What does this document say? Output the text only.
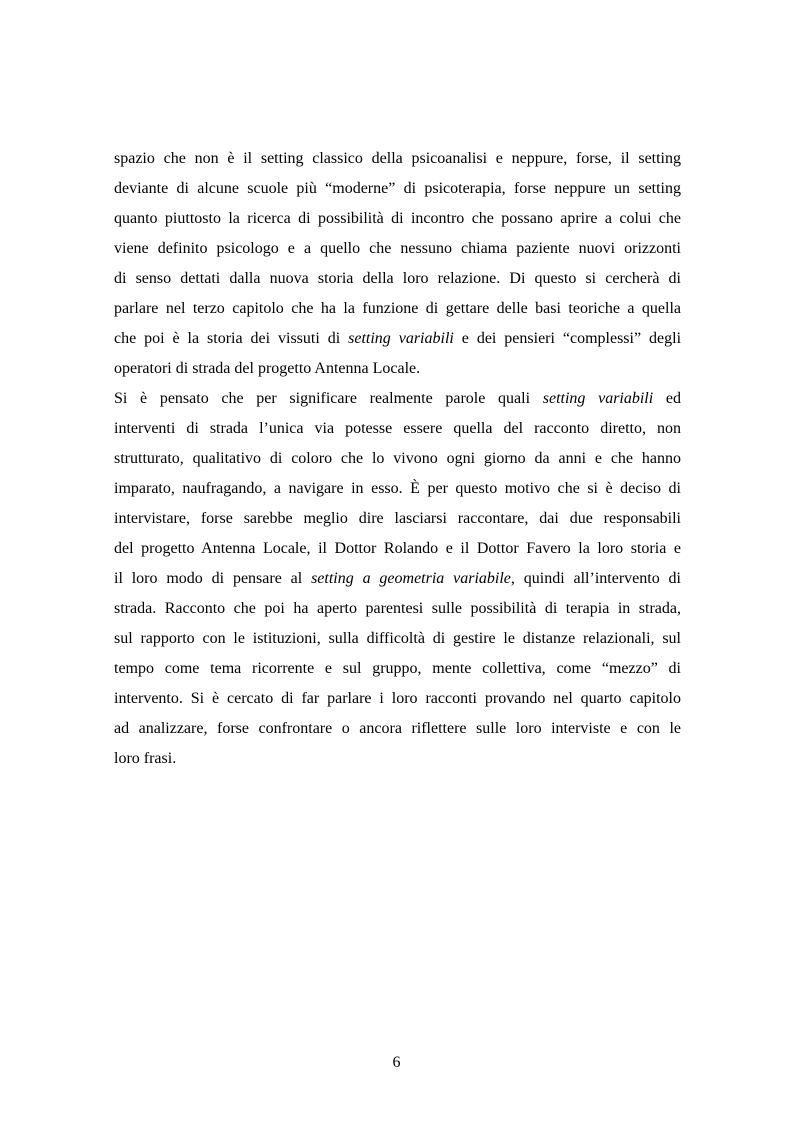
spazio che non è il setting classico della psicoanalisi e neppure, forse, il setting
deviante di alcune scuole più “moderne” di psicoterapia, forse neppure un setting
quanto piuttosto la ricerca di possibilità di incontro che possano aprire a colui che
viene definito psicologo e a quello che nessuno chiama paziente nuovi orizzonti
di senso dettati dalla nuova storia della loro relazione. Di questo si cercherà di
parlare nel terzo capitolo che ha la funzione di gettare delle basi teoriche a quella
che poi è la storia dei vissuti di setting variabili e dei pensieri “complessi” degli
operatori di strada del progetto Antenna Locale.
Si è pensato che per significare realmente parole quali setting variabili ed
interventi di strada l’unica via potesse essere quella del racconto diretto, non
strutturato, qualitativo di coloro che lo vivono ogni giorno da anni e che hanno
imparato, naufragando, a navigare in esso. È per questo motivo che si è deciso di
intervistare, forse sarebbe meglio dire lasciarsi raccontare, dai due responsabili
del progetto Antenna Locale, il Dottor Rolando e il Dottor Favero la loro storia e
il loro modo di pensare al setting a geometria variabile, quindi all’intervento di
strada. Racconto che poi ha aperto parentesi sulle possibilità di terapia in strada,
sul rapporto con le istituzioni, sulla difficoltà di gestire le distanze relazionali, sul
tempo come tema ricorrente e sul gruppo, mente collettiva, come “mezzo” di
intervento. Si è cercato di far parlare i loro racconti provando nel quarto capitolo
ad analizzare, forse confrontare o ancora riflettere sulle loro interviste e con le
loro frasi.
6
